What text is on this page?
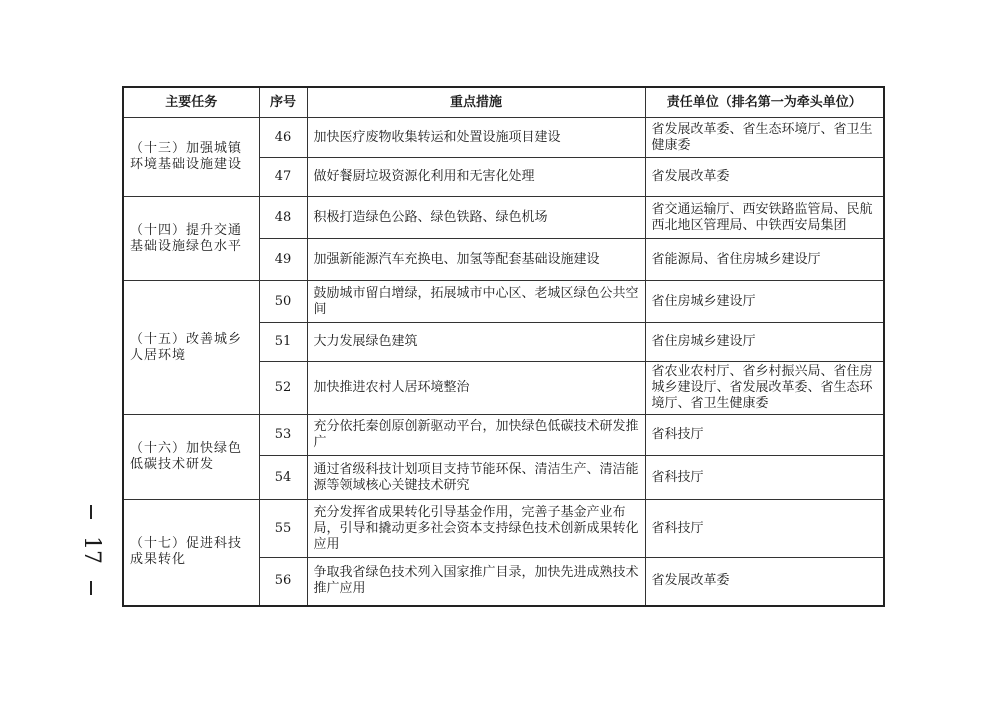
17
主要任务	序号	重点措施	责任单位（排名第一为牵头单位）
（十三）加强城镇环境基础设施建设	46	加快医疗废物收集转运和处置设施项目建设	省发展改革委、省生态环境厅、省卫生健康委
	47	做好餐厨垃圾资源化利用和无害化处理	省发展改革委
（十四）提升交通基础设施绿色水平	48	积极打造绿色公路、绿色铁路、绿色机场	省交通运输厅、西安铁路监管局、民航西北地区管理局、中铁西安局集团
	49	加强新能源汽车充换电、加氢等配套基础设施建设	省能源局、省住房城乡建设厅
（十五）改善城乡人居环境	50	鼓励城市留白增绿，拓展城市中心区、老城区绿色公共空间	省住房城乡建设厅
	51	大力发展绿色建筑	省住房城乡建设厅
	52	加快推进农村人居环境整治	省农业农村厅、省乡村振兴局、省住房城乡建设厅、省发展改革委、省生态环境厅、省卫生健康委
（十六）加快绿色低碳技术研发	53	充分依托秦创原创新驱动平台，加快绿色低碳技术研发推广	省科技厅
	54	通过省级科技计划项目支持节能环保、清洁生产、清洁能源等领域核心关键技术研究	省科技厅
（十七）促进科技成果转化	55	充分发挥省成果转化引导基金作用，完善子基金产业布局，引导和撬动更多社会资本支持绿色技术创新成果转化应用	省科技厅
	56	争取我省绿色技术列入国家推广目录，加快先进成熟技术推广应用	省发展改革委
